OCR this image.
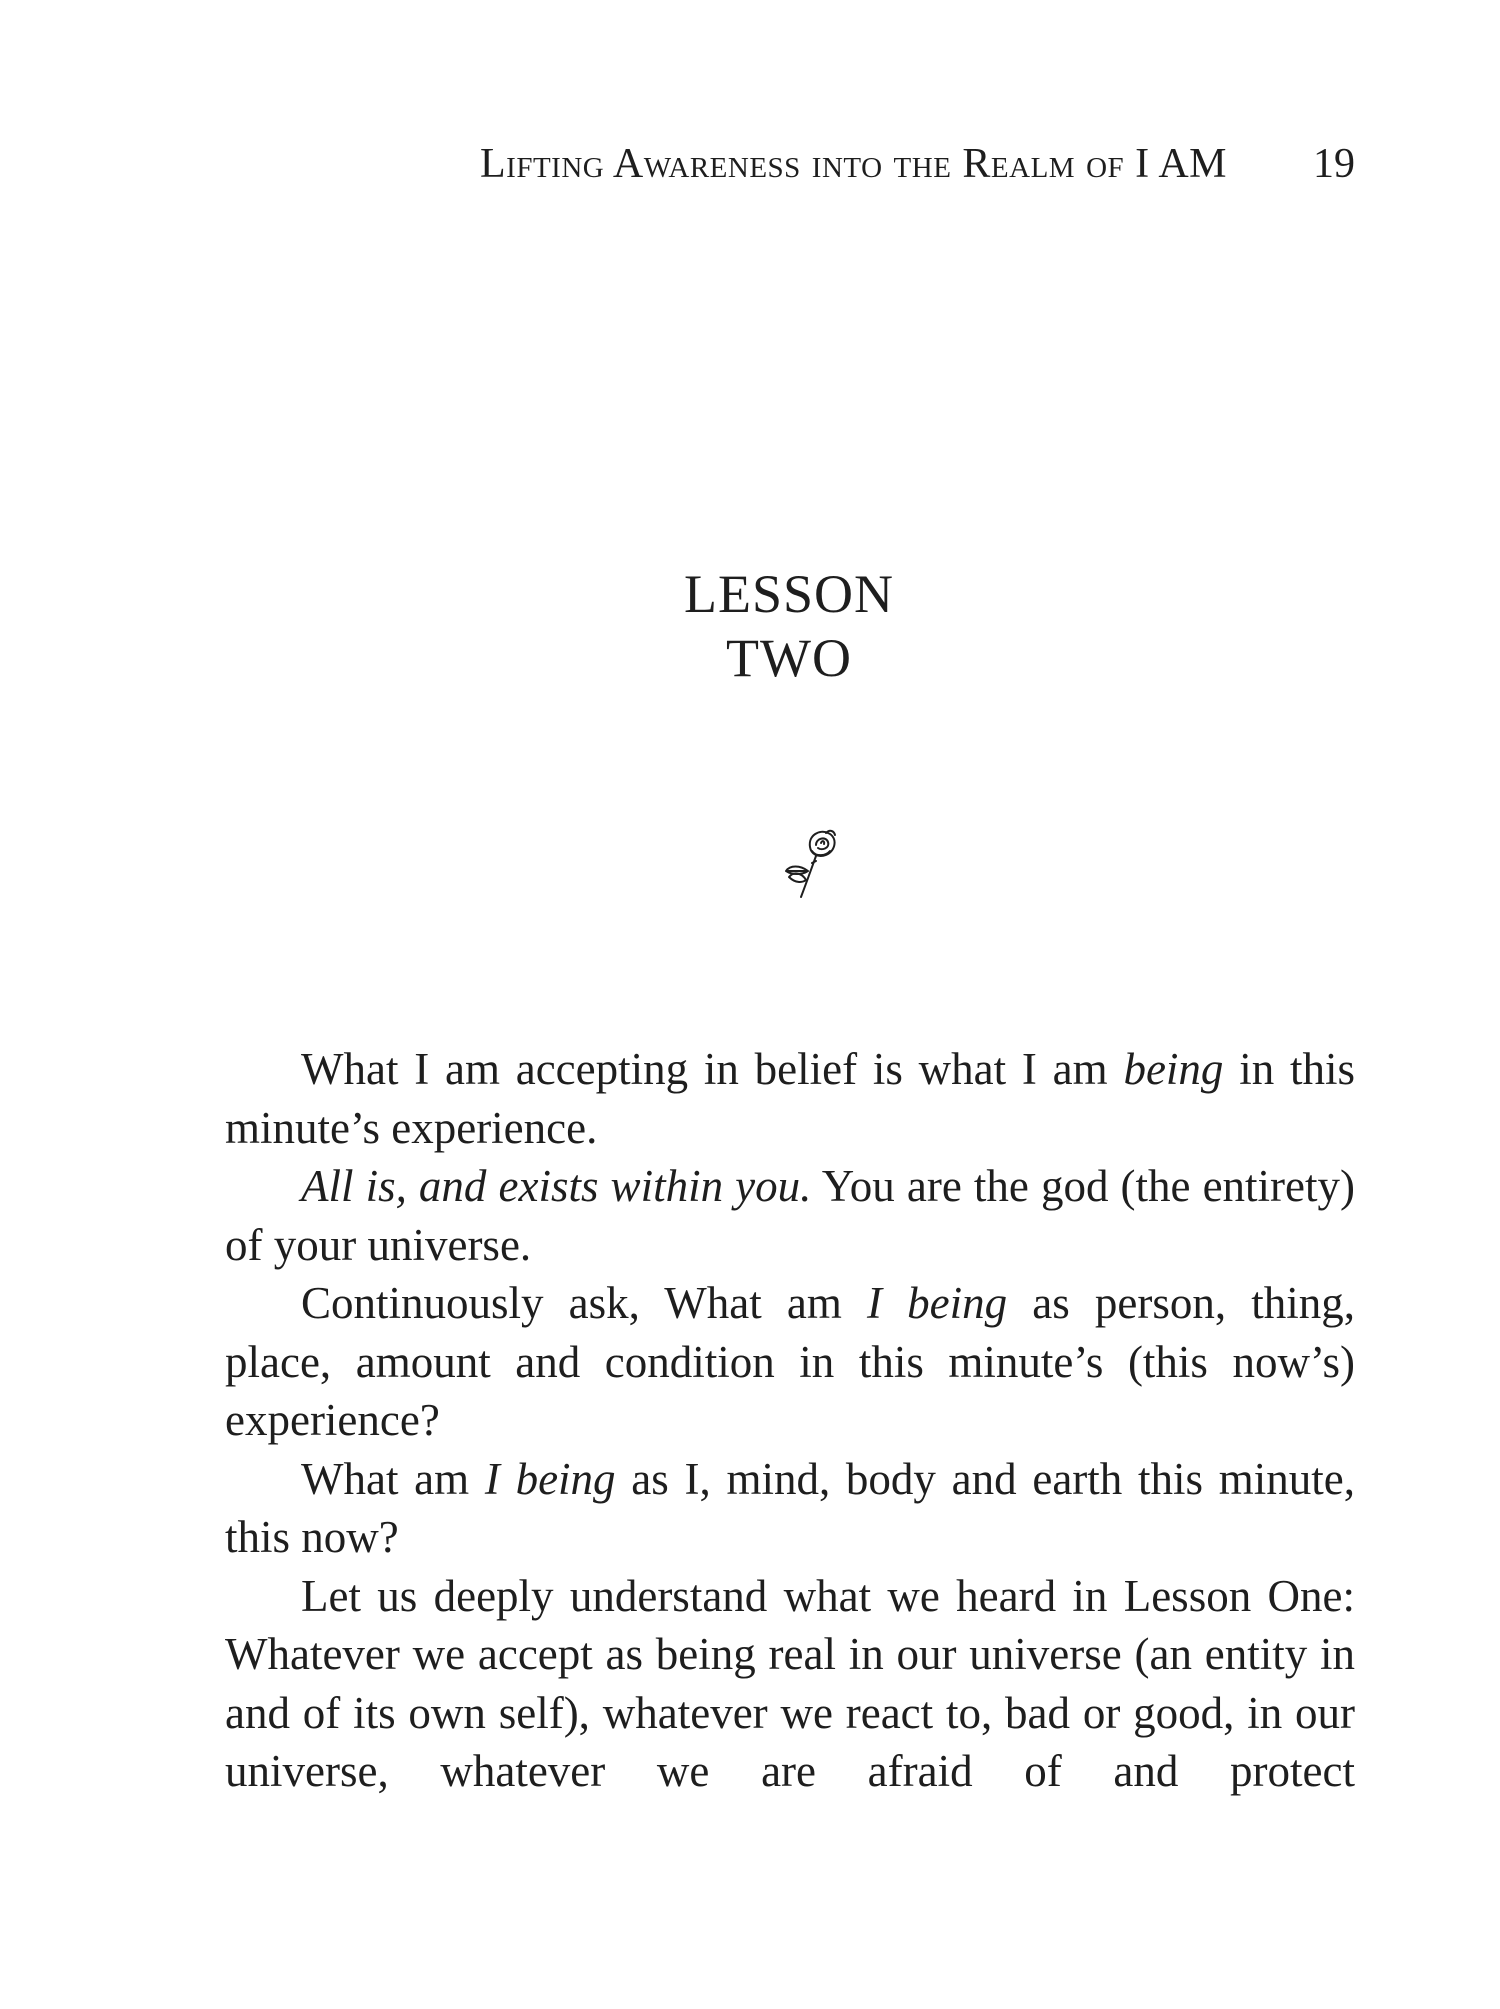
Lifting Awareness into the Realm of I AM 19
LESSON
TWO

What I am accepting in belief is what I am being in this minute’s experience.

All is, and exists within you. You are the god (the entirety) of your universe.

Continuously ask, What am I being as person, thing, place, amount and condition in this minute’s (this now’s) experience?

What am I being as I, mind, body and earth this minute, this now?

Let us deeply understand what we heard in Lesson One: Whatever we accept as being real in our universe (an entity in and of its own self), whatever we react to, bad or good, in our universe, whatever we are afraid of and protect
